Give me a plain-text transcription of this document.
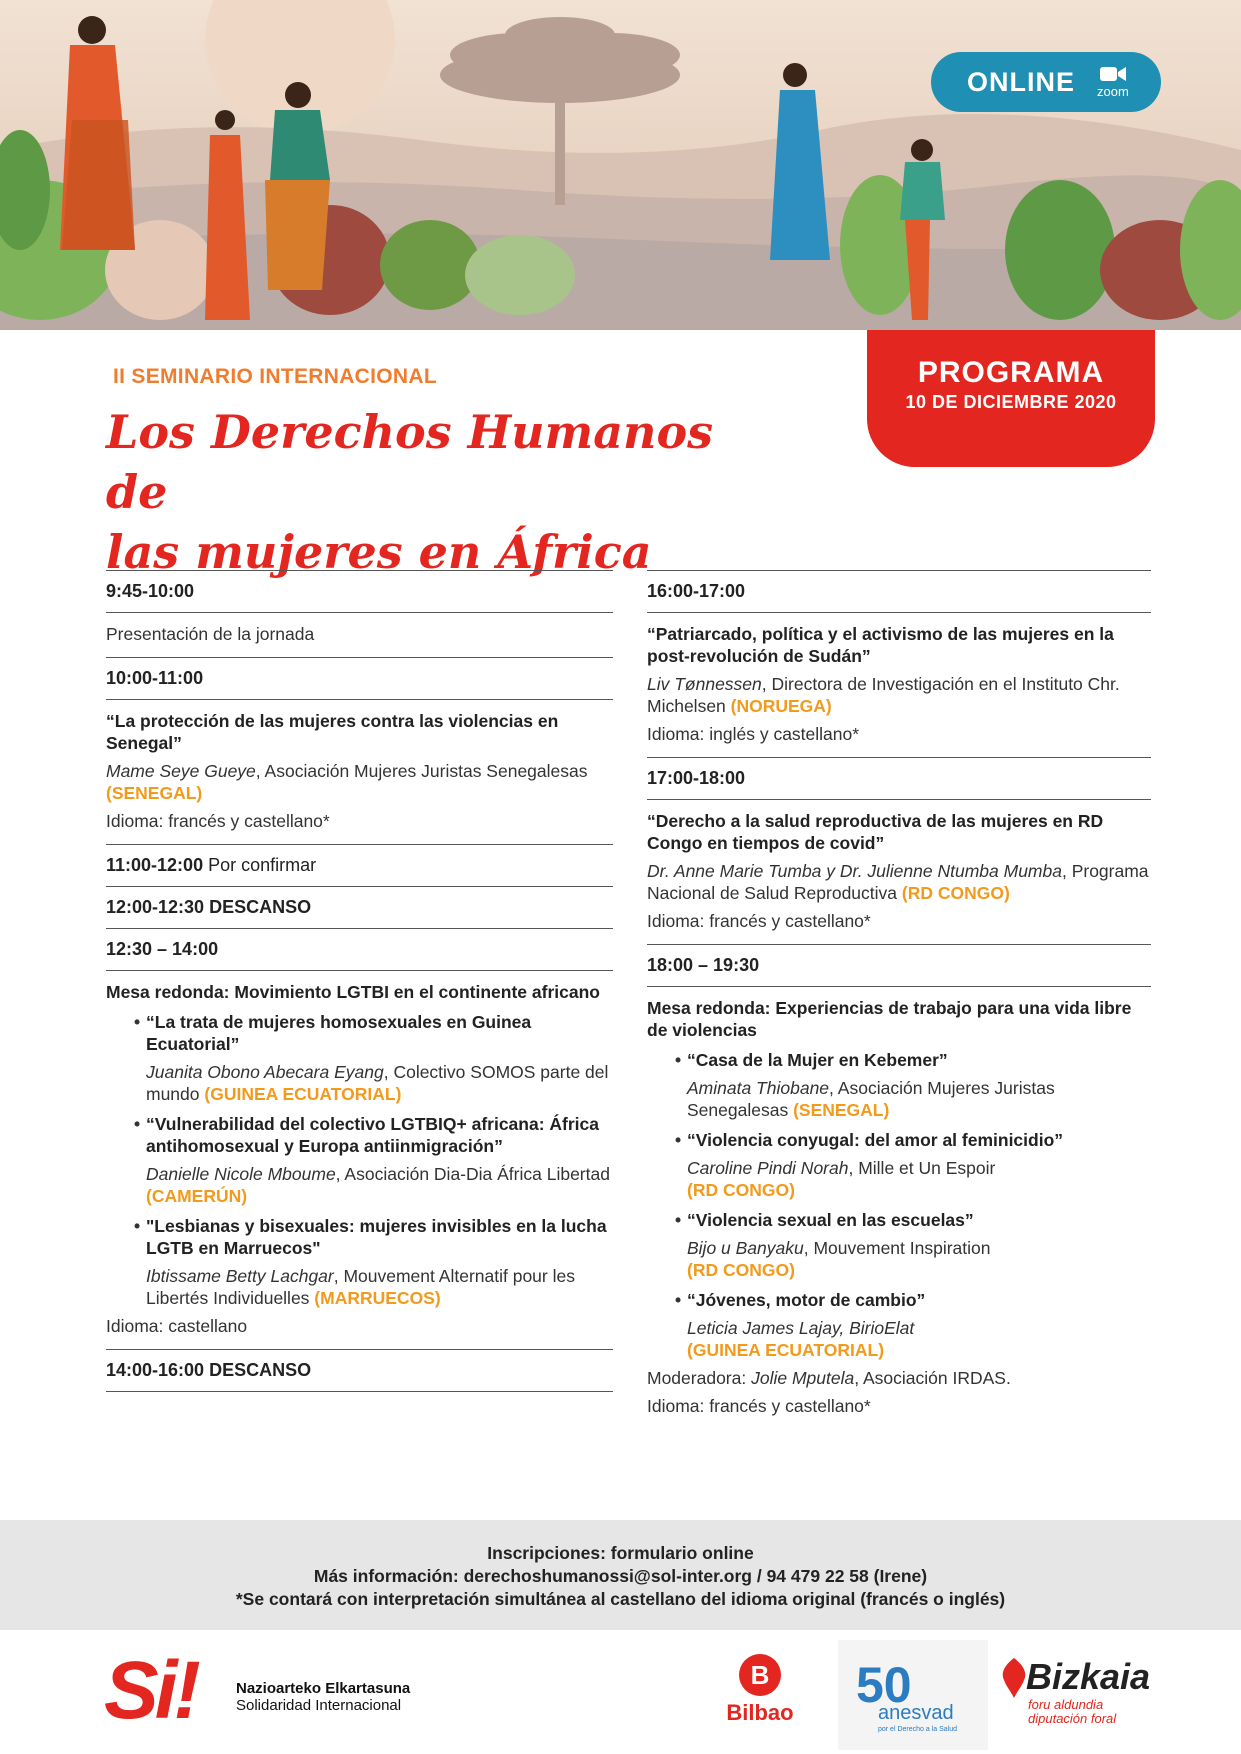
ONLINE zoom
PROGRAMA
10 DE DICIEMBRE 2020
II SEMINARIO INTERNACIONAL
Los Derechos Humanos de
las mujeres en África
9:45-10:00
Presentación de la jornada
10:00-11:00
“La protección de las mujeres contra las violencias en Senegal”
Mame Seye Gueye, Asociación Mujeres Juristas Senegalesas (SENEGAL)
Idioma: francés y castellano*
11:00-12:00 Por confirmar
12:00-12:30 DESCANSO
12:30 – 14:00
Mesa redonda: Movimiento LGTBI en el continente africano
• “La trata de mujeres homosexuales en Guinea Ecuatorial”
Juanita Obono Abecara Eyang, Colectivo SOMOS parte del mundo (GUINEA ECUATORIAL)
• “Vulnerabilidad del colectivo LGTBIQ+ africana: África antihomosexual y Europa antiinmigración”
Danielle Nicole Mboume, Asociación Dia-Dia África Libertad (CAMERÚN)
• "Lesbianas y bisexuales: mujeres invisibles en la lucha LGTB en Marruecos"
Ibtissame Betty Lachgar, Mouvement Alternatif pour les Libertés Individuelles (MARRUECOS)
Idioma: castellano
14:00-16:00 DESCANSO
16:00-17:00
“Patriarcado, política y el activismo de las mujeres en la post-revolución de Sudán”
Liv Tønnessen, Directora de Investigación en el Instituto Chr. Michelsen (NORUEGA)
Idioma: inglés y castellano*
17:00-18:00
“Derecho a la salud reproductiva de las mujeres en RD Congo en tiempos de covid”
Dr. Anne Marie Tumba y Dr. Julienne Ntumba Mumba, Programa Nacional de Salud Reproductiva (RD CONGO)
Idioma: francés y castellano*
18:00 – 19:30
Mesa redonda: Experiencias de trabajo para una vida libre de violencias
• “Casa de la Mujer en Kebemer”
Aminata Thiobane, Asociación Mujeres Juristas Senegalesas (SENEGAL)
• “Violencia conyugal: del amor al feminicidio”
Caroline Pindi Norah, Mille et Un Espoir
(RD CONGO)
• “Violencia sexual en las escuelas”
Bijo u Banyaku, Mouvement Inspiration
(RD CONGO)
• “Jóvenes, motor de cambio”
Leticia James Lajay, BirioElat
(GUINEA ECUATORIAL)
Moderadora: Jolie Mputela, Asociación IRDAS.
Idioma: francés y castellano*
Inscripciones: formulario online
Más información: derechoshumanossi@sol-inter.org / 94 479 22 58 (Irene)
*Se contará con interpretación simultánea al castellano del idioma original (francés o inglés)
Si!	Nazioarteko Elkartasuna
Solidaridad Internacional
B
Bilbao 50
anesvad
por el Derecho a la Salud
Bizkaia
foru aldundia
diputación foral
